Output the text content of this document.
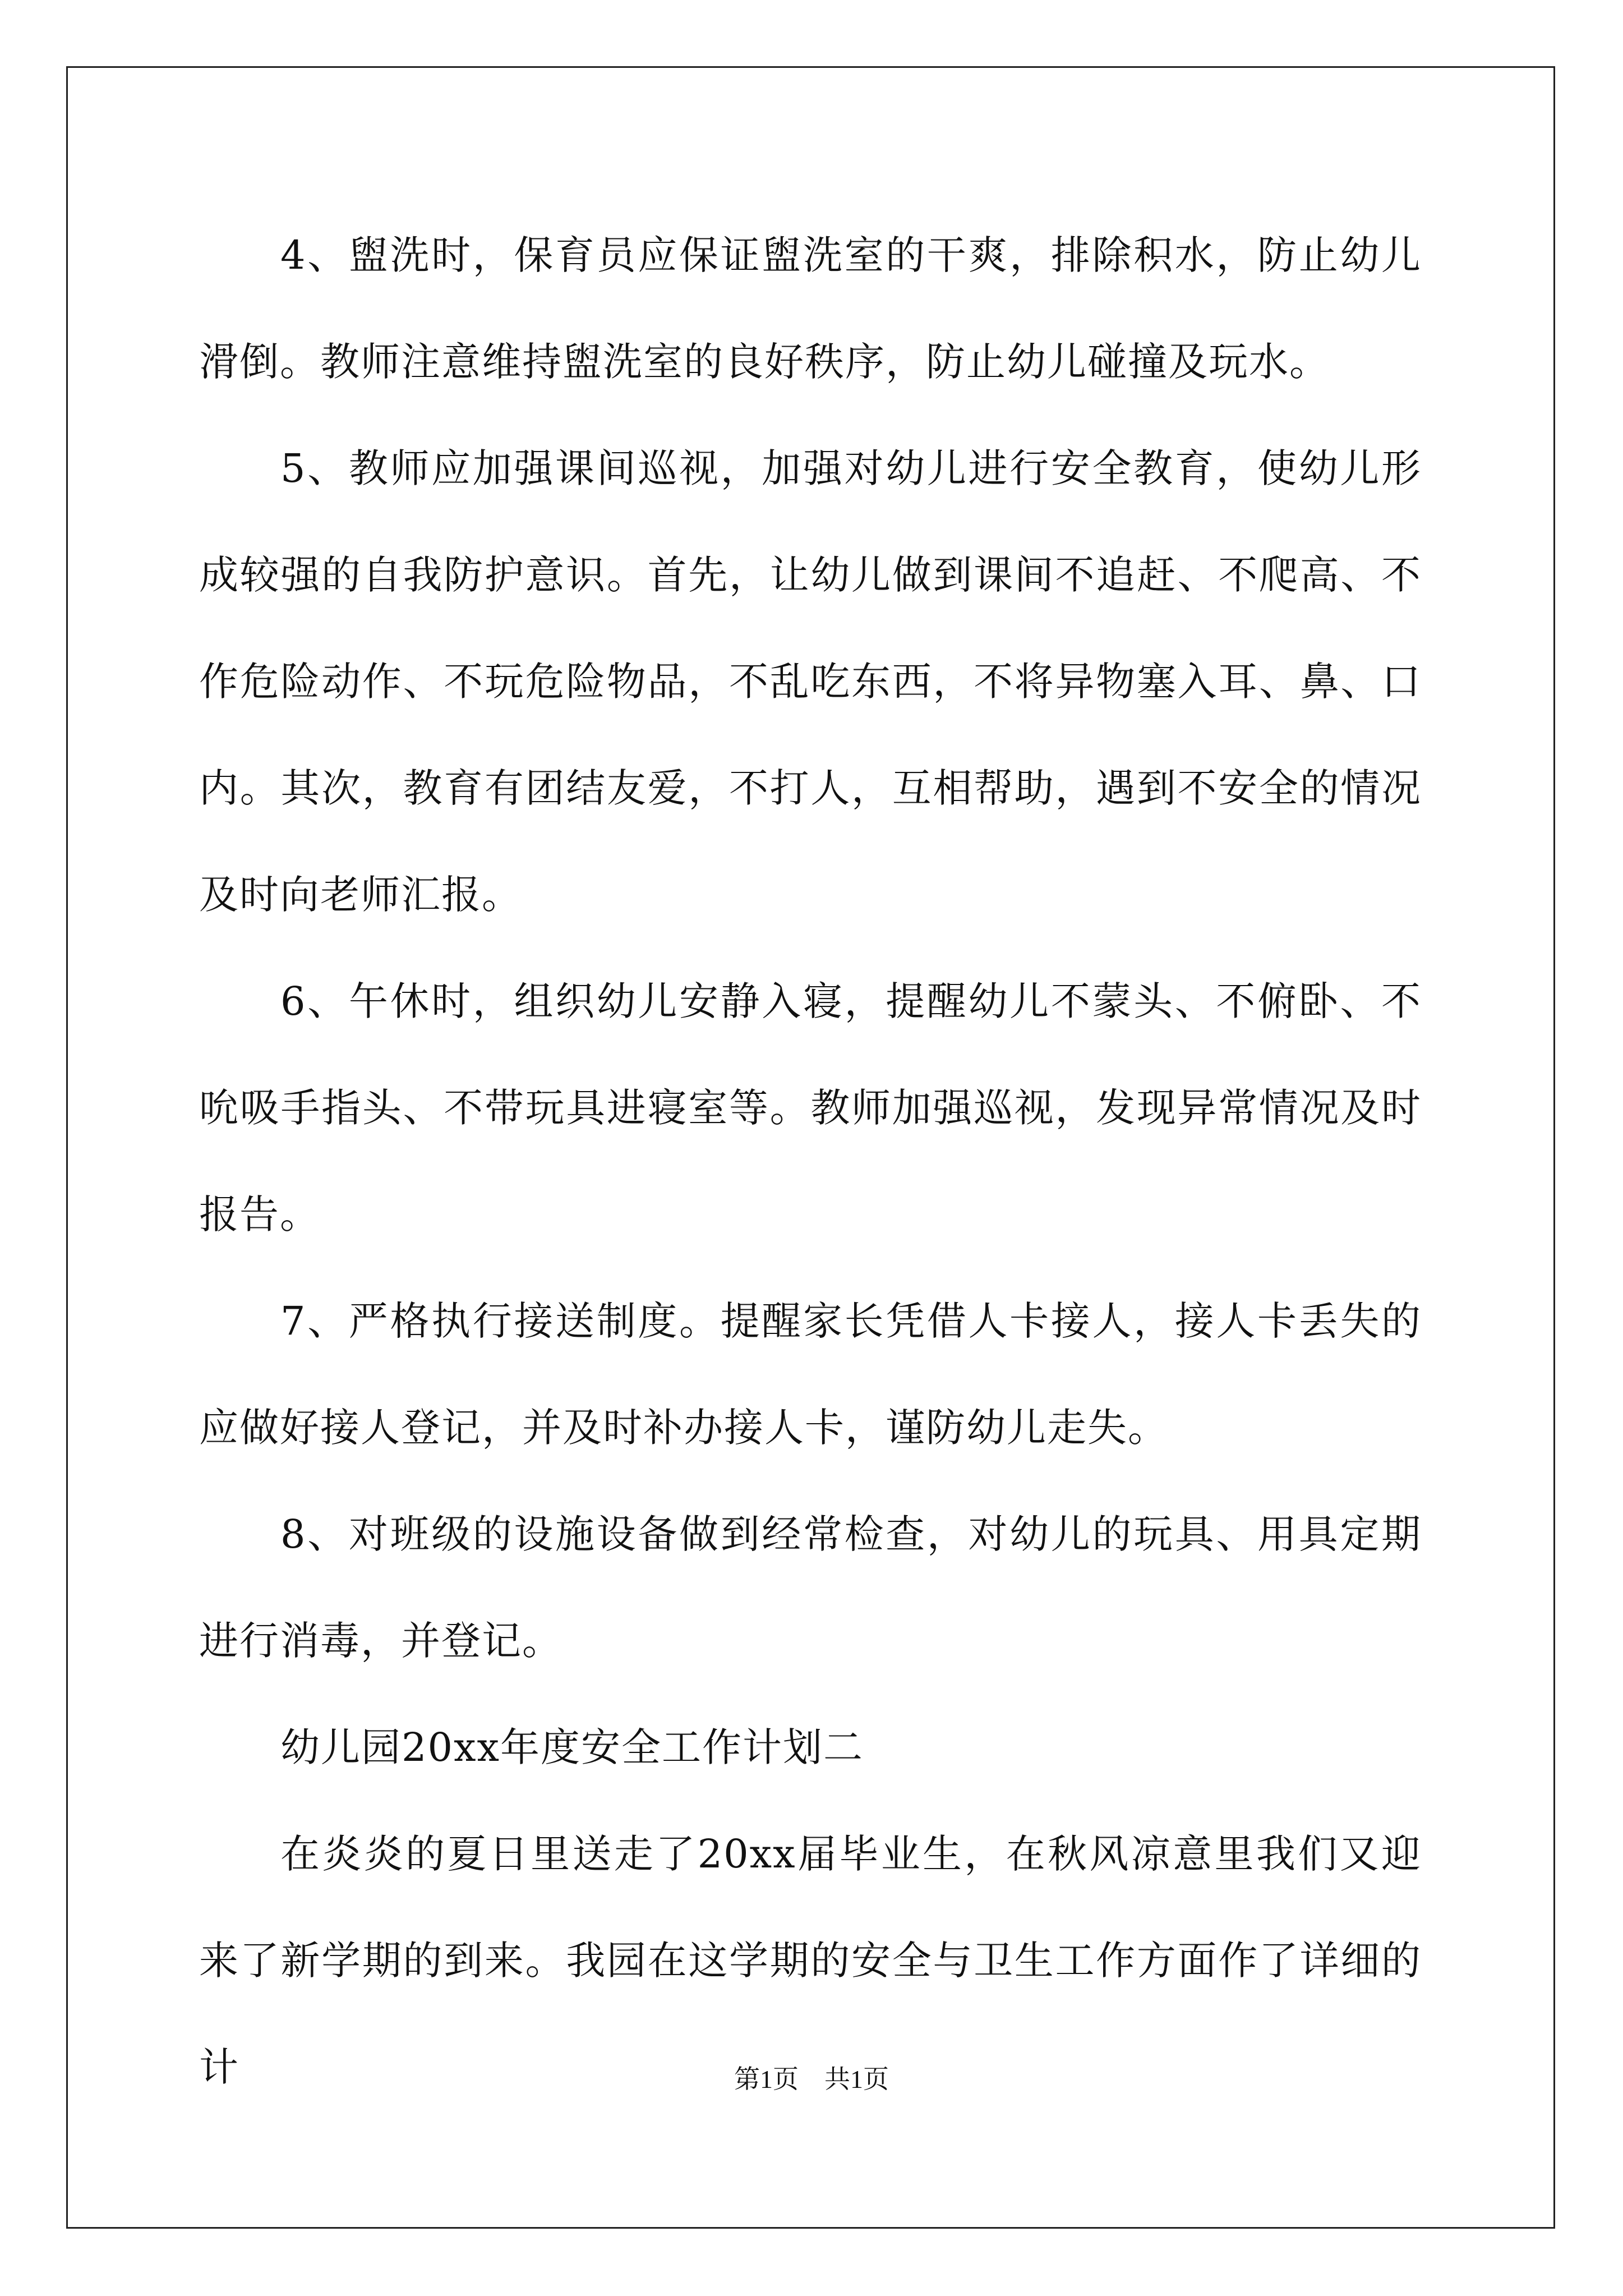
4、盥洗时，保育员应保证盥洗室的干爽，排除积水，防止幼儿滑倒。教师注意维持盥洗室的良好秩序，防止幼儿碰撞及玩水。

5、教师应加强课间巡视，加强对幼儿进行安全教育，使幼儿形成较强的自我防护意识。首先，让幼儿做到课间不追赶、不爬高、不作危险动作、不玩危险物品，不乱吃东西，不将异物塞入耳、鼻、口内。其次，教育有团结友爱，不打人，互相帮助，遇到不安全的情况及时向老师汇报。

6、午休时，组织幼儿安静入寝，提醒幼儿不蒙头、不俯卧、不吮吸手指头、不带玩具进寝室等。教师加强巡视，发现异常情况及时报告。

7、严格执行接送制度。提醒家长凭借人卡接人，接人卡丢失的应做好接人登记，并及时补办接人卡，谨防幼儿走失。

8、对班级的设施设备做到经常检查，对幼儿的玩具、用具定期进行消毒，并登记。

幼儿园20xx年度安全工作计划二

在炎炎的夏日里送走了20xx届毕业生，在秋风凉意里我们又迎来了新学期的到来。我园在这学期的安全与卫生工作方面作了详细的计	第1页　共1页
